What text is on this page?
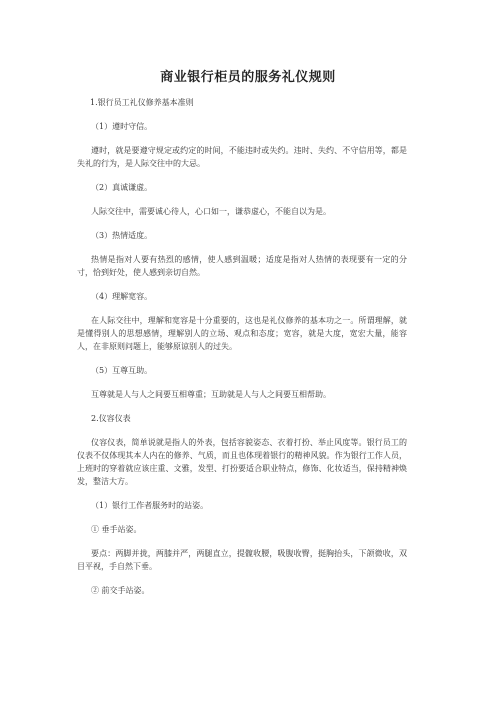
商业银行柜员的服务礼仪规则

1.银行员工礼仪修养基本准则

（1）遵时守信。

遵时，就是要遵守规定或约定的时间，不能违时或失约。违时、失约、不守信用等，都是失礼的行为，是人际交往中的大忌。

（2）真诚谦虚。

人际交往中，需要诚心待人，心口如一，谦恭虚心，不能自以为是。

（3）热情适度。

热情是指对人要有热烈的感情，使人感到温暖；适度是指对人热情的表现要有一定的分寸，恰到好处，使人感到亲切自然。

（4）理解宽容。

在人际交往中，理解和宽容是十分重要的，这也是礼仪修养的基本功之一。所谓理解，就是懂得别人的思想感情，理解别人的立场、观点和态度；宽容，就是大度，宽宏大量，能容人，在非原则问题上，能够原谅别人的过失。

（5）互尊互助。

互尊就是人与人之间要互相尊重；互助就是人与人之间要互相帮助。

2.仪容仪表

仪容仪表，简单说就是指人的外表，包括容貌姿态、衣着打扮、举止风度等。银行员工的仪表不仅体现其本人内在的修养、气质，而且也体现着银行的精神风貌。作为银行工作人员，上班时的穿着就应该庄重、文雅，发型、打扮要适合职业特点，修饰、化妆适当，保持精神焕发，整洁大方。

（1）银行工作者服务时的站姿。

① 垂手站姿。

要点：两脚并拢，两膝并严，两腿直立，提髋收腰，吸腹收臀，挺胸抬头，下颌微收，双目平视，手自然下垂。

② 前交手站姿。
